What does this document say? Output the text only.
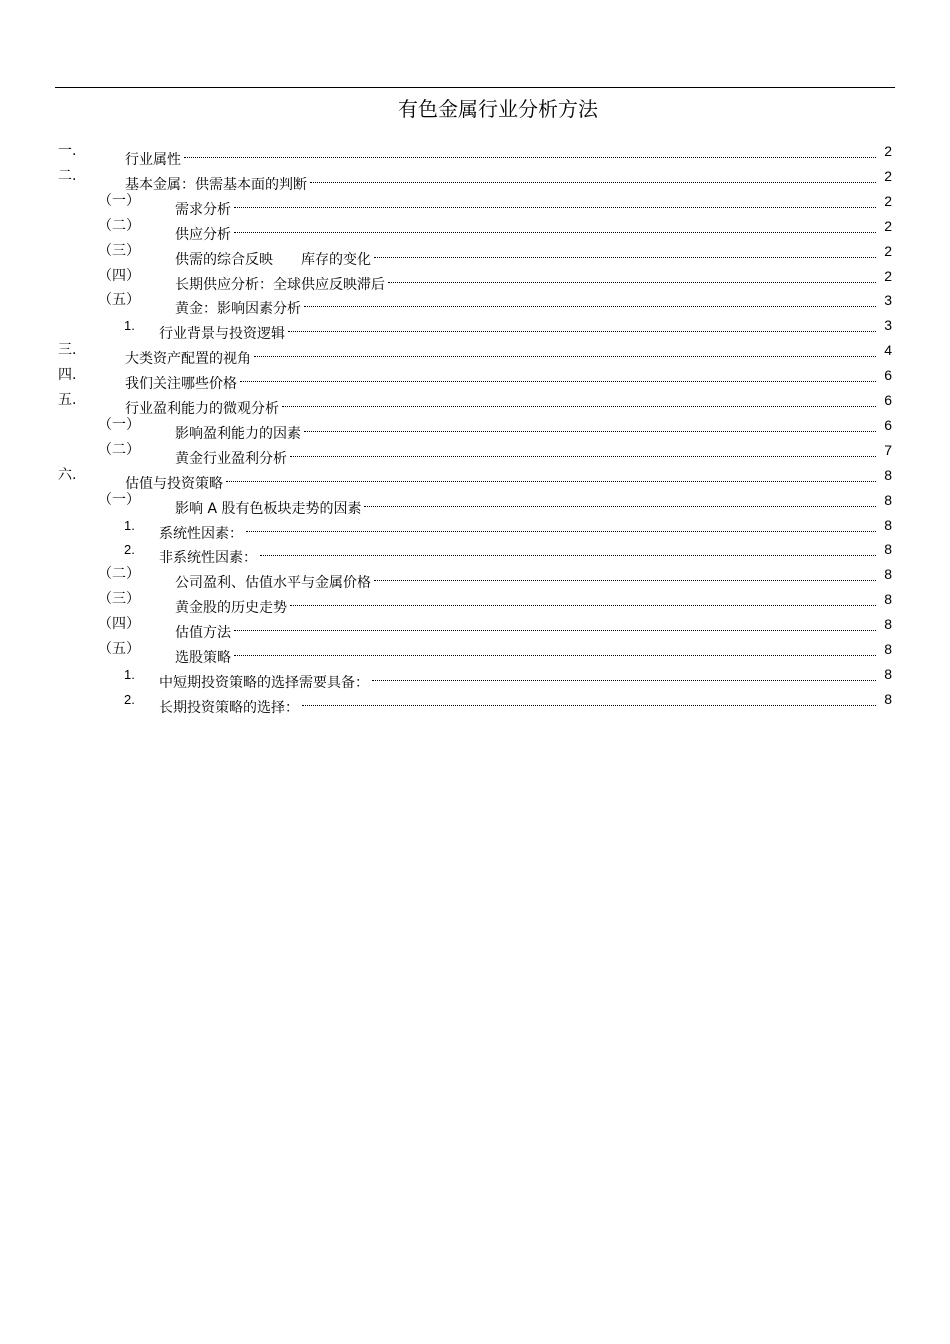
有色金属行业分析方法
一.
行业属性
2
二.
基本金属：供需基本面的判断
2
（一）
需求分析
2
（二）
供应分析
2
（三）
供需的综合反映　　库存的变化
2
（四）
长期供应分析：全球供应反映滞后
2
（五）
黄金：影响因素分析
3
1.
行业背景与投资逻辑
3
三.
大类资产配置的视角
4
四.
我们关注哪些价格
6
五.
行业盈利能力的微观分析
6
（一）
影响盈利能力的因素
6
（二）
黄金行业盈利分析
7
六.
估值与投资策略
8
（一）
影响 A 股有色板块走势的因素
8
1.
系统性因素：
8
2.
非系统性因素：
8
（二）
公司盈利、估值水平与金属价格
8
（三）
黄金股的历史走势
8
（四）
估值方法
8
（五）
选股策略
8
1.
中短期投资策略的选择需要具备：
8
2.
长期投资策略的选择：
8
